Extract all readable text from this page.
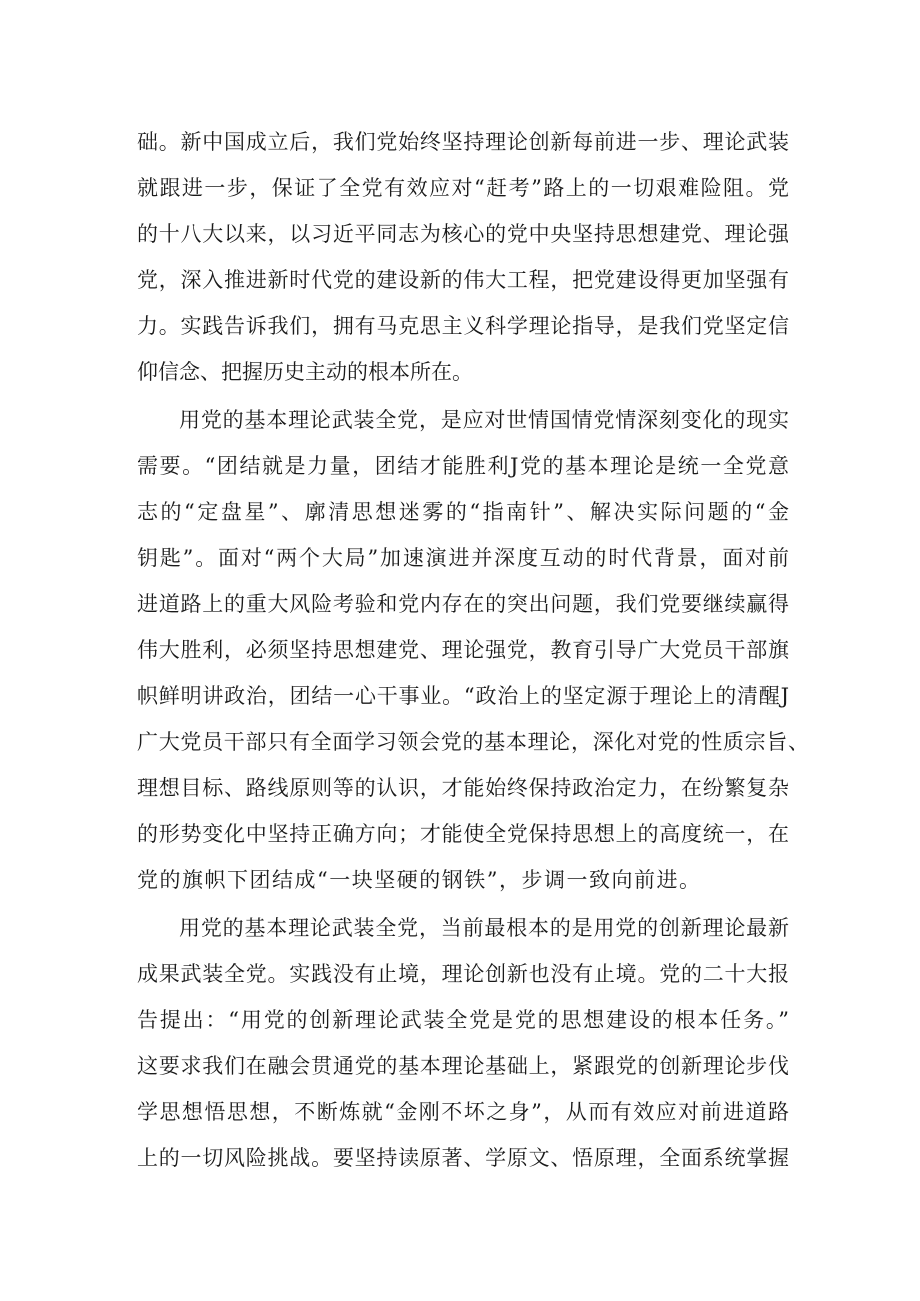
础。新中国成立后，我们党始终坚持理论创新每前进一步、理论武装
就跟进一步，保证了全党有效应对“赶考”路上的一切艰难险阻。党
的十八大以来，以习近平同志为核心的党中央坚持思想建党、理论强
党，深入推进新时代党的建设新的伟大工程，把党建设得更加坚强有
力。实践告诉我们，拥有马克思主义科学理论指导，是我们党坚定信
仰信念、把握历史主动的根本所在。
用党的基本理论武装全党，是应对世情国情党情深刻变化的现实
需要。“团结就是力量，团结才能胜利J党的基本理论是统一全党意
志的“定盘星”、廓清思想迷雾的“指南针”、解决实际问题的“金
钥匙”。面对“两个大局”加速演进并深度互动的时代背景，面对前
进道路上的重大风险考验和党内存在的突出问题，我们党要继续赢得
伟大胜利，必须坚持思想建党、理论强党，教育引导广大党员干部旗
帜鲜明讲政治，团结一心干事业。“政治上的坚定源于理论上的清醒J
广大党员干部只有全面学习领会党的基本理论，深化对党的性质宗旨、
理想目标、路线原则等的认识，才能始终保持政治定力，在纷繁复杂
的形势变化中坚持正确方向；才能使全党保持思想上的高度统一，在
党的旗帜下团结成“一块坚硬的钢铁”，步调一致向前进。
用党的基本理论武装全党，当前最根本的是用党的创新理论最新
成果武装全党。实践没有止境，理论创新也没有止境。党的二十大报
告提出：“用党的创新理论武装全党是党的思想建设的根本任务。”
这要求我们在融会贯通党的基本理论基础上，紧跟党的创新理论步伐
学思想悟思想，不断炼就“金刚不坏之身”，从而有效应对前进道路
上的一切风险挑战。要坚持读原著、学原文、悟原理，全面系统掌握
